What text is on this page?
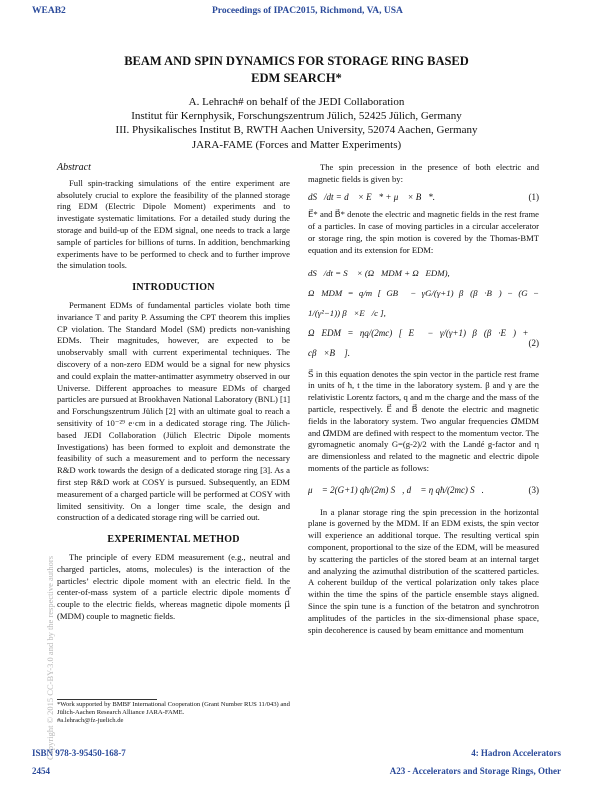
WEAB2	Proceedings of IPAC2015, Richmond, VA, USA
BEAM AND SPIN DYNAMICS FOR STORAGE RING BASED
EDM SEARCH*
A. Lehrach# on behalf of the JEDI Collaboration
Institut für Kernphysik, Forschungszentrum Jülich, 52425 Jülich, Germany
III. Physikalisches Institut B, RWTH Aachen University, 52074 Aachen, Germany
JARA-FAME (Forces and Matter Experiments)
Abstract

Full spin-tracking simulations of the entire experiment are absolutely crucial to explore the feasibility of the planned storage ring EDM (Electric Dipole Moment) experiments and to investigate systematic limitations. For a detailed study during the storage and build-up of the EDM signal, one needs to track a large sample of particles for billions of turns. In addition, benchmarking experiments have to be performed to check and to further improve the simulation tools.

INTRODUCTION

Permanent EDMs of fundamental particles violate both time invariance T and parity P. Assuming the CPT theorem this implies CP violation. The Standard Model (SM) predicts non-vanishing EDMs. Their magnitudes, however, are expected to be unobservably small with current experimental techniques. The discovery of a non-zero EDM would be a signal for new physics and could explain the matter-antimatter asymmetry observed in our Universe. Different approaches to measure EDMs of charged particles are pursued at Brookhaven National Laboratory (BNL) [1] and Forschungszentrum Jülich [2] with an ultimate goal to reach a sensitivity of 10⁻²⁹ e·cm in a dedicated storage ring. The Jülich-based JEDI Collaboration (Jülich Electric Dipole moments Investigations) has been formed to exploit and demonstrate the feasibility of such a measurement and to perform the necessary R&D work towards the design of a dedicated storage ring [3]. As a first step R&D work at COSY is pursued. Subsequently, an EDM measurement of a charged particle will be performed at COSY with limited sensitivity. On a longer time scale, the design and construction of a dedicated storage ring will be carried out.

EXPERIMENTAL METHOD

The principle of every EDM measurement (e.g., neutral and charged particles, atoms, molecules) is the interaction of the particles’ electric dipole moment with an electric field. In the center-of-mass system of a particle electric dipole moments d⃗ couple to the electric fields, whereas magnetic dipole moments μ⃗ (MDM) couple to magnetic fields.

*Work supported by BMBF International Cooperation (Grant Number RUS 11/043) and Jülich-Aachen Research Alliance JARA-FAME.
#a.lehrach@fz-juelich.de

The spin precession in the presence of both electric and magnetic fields is given by:

dS⃗/dt = d⃗ × E⃗* + μ⃗ × B⃗*.	(1)

E⃗* and B⃗* denote the electric and magnetic fields in the rest frame of a particles. In case of moving particles in a circular accelerator or storage ring, the spin motion is covered by the Thomas-BMT equation and its extension for EDM:

dS⃗/dt = S⃗ × (Ω⃗MDM + Ω⃗EDM),
Ω⃗MDM = q/m [ GB⃗ − γG/(γ+1) β⃗(β⃗·B⃗) − (G − 1/(γ²−1)) β⃗×E⃗/c ],
Ω⃗EDM = ηq/(2mc) [ E⃗ − γ/(γ+1) β⃗(β⃗·E⃗) + cβ⃗×B⃗ ].
(2)

S⃗ in this equation denotes the spin vector in the particle rest frame in units of ħ, t the time in the laboratory system. β and γ are the relativistic Lorentz factors, q and m the charge and the mass of the particle, respectively. E⃗ and B⃗ denote the electric and magnetic fields in the laboratory system. Two angular frequencies Ω⃗MDM and Ω⃗MDM are defined with respect to the momentum vector. The gyromagnetic anomaly G=(g-2)/2 with the Landé g-factor and η are dimensionless and related to the magnetic and electric dipole moments of the particle as follows:

μ⃗ = 2(G+1) qħ/(2m) S⃗, d⃗ = η qħ/(2mc) S⃗.	(3)

In a planar storage ring the spin precession in the horizontal plane is governed by the MDM. If an EDM exists, the spin vector will experience an additional torque. The resulting vertical spin component, proportional to the size of the EDM, will be measured by scattering the particles of the stored beam at an internal target and analyzing the azimuthal distribution of the scattered particles. A coherent buildup of the vertical polarization only takes place within the time the spins of the particle ensemble stays aligned. Since the spin tune is a function of the betatron and synchrotron amplitudes of the particles in the six-dimensional phase space, spin decoherence is caused by beam emittance and momentum

ISBN 978-3-95450-168-7	4: Hadron Accelerators
2454	A23 - Accelerators and Storage Rings, Other
Copyright © 2015 CC-BY-3.0 and by the respective authors
